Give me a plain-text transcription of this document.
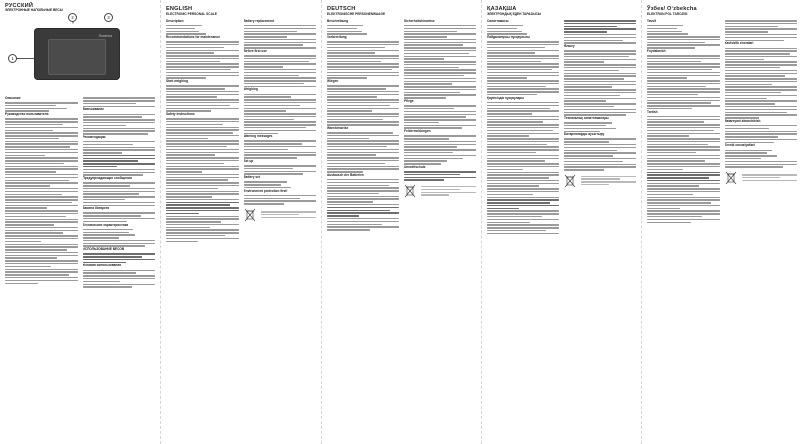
Rowenta
1
2	3
Описание
Руководство пользователя
Взвешивание
Рекомендации
Предупреждающие сообщения
Замена батареек
Технические характеристики
ИСПОЛЬЗОВАНИЕ ВЕСОВ
Условия использования
РУССКИЙ
ЭЛЕКТРОННЫЕ НАПОЛЬНЫЕ ВЕСЫ	ENGLISH
ELECTRONIC PERSONAL SCALE
Description
Recommendations for maintenance
Start weighing
Safety instructions
Battery replacement
Before first use
Weighing
Warning messages
Set up
Battery set
Environment protection first!
DEUTSCH
ELEKTRONISCHE PERSONENWAAGE
Beschreibung
Vorbereitung
Wiegen
Warnhinweise
Austausch der Batterien
Sicherheitshinweise
Pflege
Fehlermeldungen
Umweltschutz
ҚАЗАҚША
ЭЛЕКТРОНДЫҚ ЕДЕН ТАРАЗЫСЫ
Сипаттамасы
Пайдаланушы нұсқаулығы
Қауіпсіздік нұсқаулары
Өлшеу
Техникалық сипаттамалары
Батареяларды ауыстыру
Ўзбек/ Oʻzbekcha
ELEKTRON POL TAROZISI
Tavsif
Foydalanish
Tortish
Xavfsizlik choralari
Batareyani almashtirish
Texnik xususiyatlari
